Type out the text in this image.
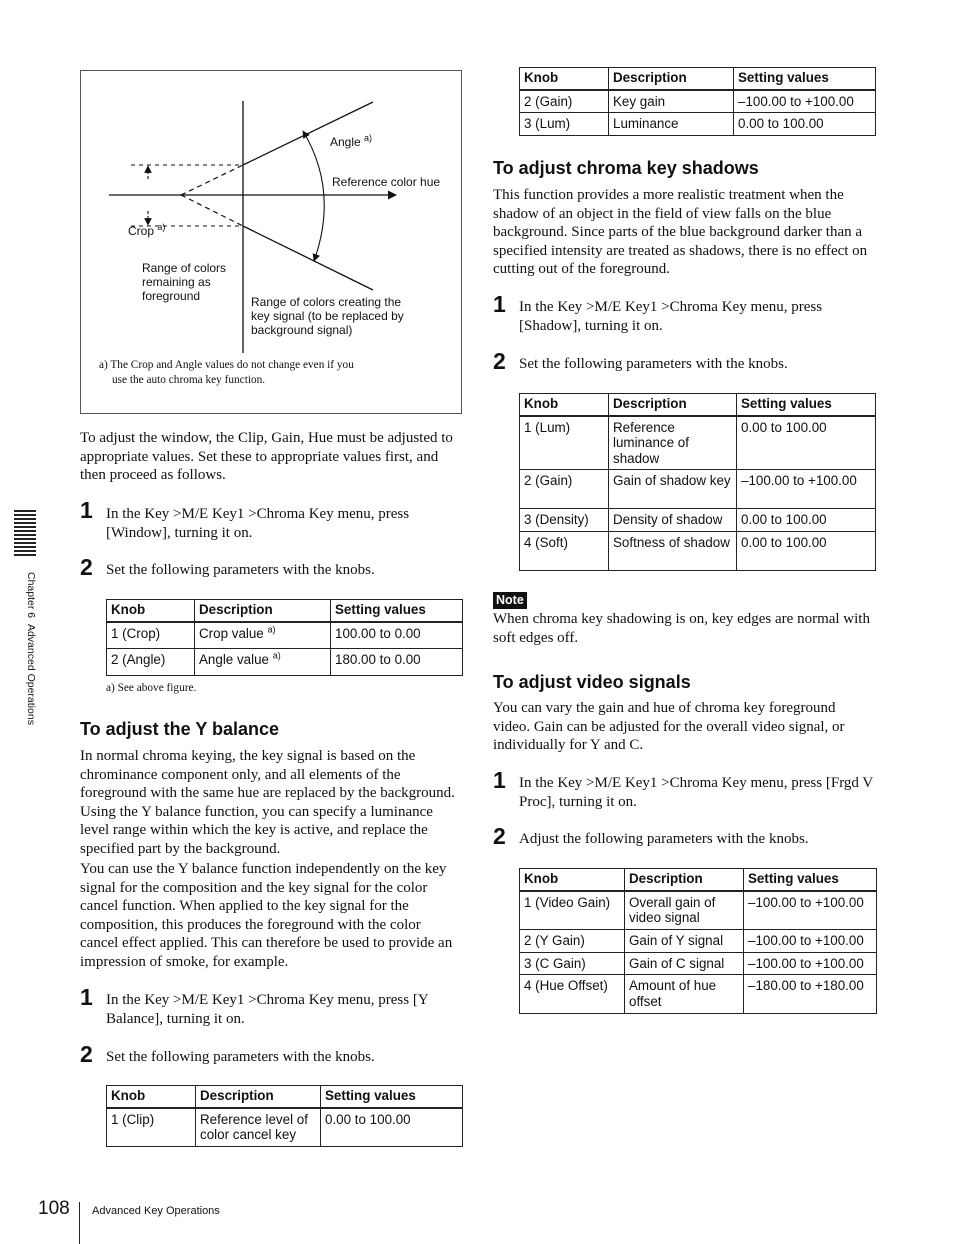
Angle $^{a)}$
Reference color hue
Crop $^{a)}$
Range of colors
remaining as
foreground	Range of colors creating the
key signal (to be replaced by
background signal)
a) The Crop and Angle values do not change even if you
use the auto chroma key function.

To adjust the window, the Clip, Gain, Hue must be adjusted to appropriate values. Set these to appropriate values first, and then proceed as follows.

1 In the Key >M/E Key1 >Chroma Key menu, press [Window], turning it on.

2 Set the following parameters with the knobs.

Knob	Description	Setting values
1 (Crop)	Crop value $^{a)}$	100.00 to 0.00
2 (Angle)	Angle value $^{a)}$	180.00 to 0.00
a) See above figure.
To adjust the Y balance

In normal chroma keying, the key signal is based on the chrominance component only, and all elements of the foreground with the same hue are replaced by the background. Using the Y balance function, you can specify a luminance level range within which the key is active, and replace the specified part by the background.

You can use the Y balance function independently on the key signal for the composition and the key signal for the color cancel function. When applied to the key signal for the composition, this produces the foreground with the color cancel effect applied. This can therefore be used to provide an impression of smoke, for example.

1 In the Key >M/E Key1 >Chroma Key menu, press [Y Balance], turning it on.

2 Set the following parameters with the knobs.

Knob	Description	Setting values
1 (Clip)	Reference level of color cancel key	0.00 to 100.00
Knob	Description	Setting values
2 (Gain)	Key gain	–100.00 to +100.00
3 (Lum)	Luminance	0.00 to 100.00
To adjust chroma key shadows

This function provides a more realistic treatment when the shadow of an object in the field of view falls on the blue background. Since parts of the blue background darker than a specified intensity are treated as shadows, there is no effect on cutting out of the foreground.

1 In the Key >M/E Key1 >Chroma Key menu, press [Shadow], turning it on.

2 Set the following parameters with the knobs.

Knob	Description	Setting values
1 (Lum)	Reference luminance of shadow	0.00 to 100.00
2 (Gain)	Gain of shadow key	–100.00 to +100.00
3 (Density)	Density of shadow	0.00 to 100.00
4 (Soft)	Softness of shadow	0.00 to 100.00
Note

When chroma key shadowing is on, key edges are normal with soft edges off.

To adjust video signals

You can vary the gain and hue of chroma key foreground video. Gain can be adjusted for the overall video signal, or individually for Y and C.

1 In the Key >M/E Key1 >Chroma Key menu, press [Frgd V Proc], turning it on.

2 Adjust the following parameters with the knobs.

Knob	Description	Setting values
1 (Video Gain)	Overall gain of video signal	–100.00 to +100.00
2 (Y Gain)	Gain of Y signal	–100.00 to +100.00
3 (C Gain)	Gain of C signal	–100.00 to +100.00
4 (Hue Offset)	Amount of hue offset	–180.00 to +180.00
Chapter 6  Advanced Operations
108 Advanced Key Operations
